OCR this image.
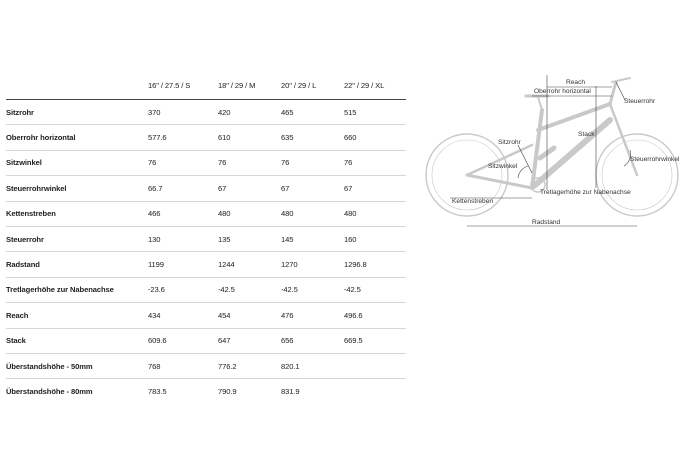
	16" / 27.5 / S	18" / 29 / M	20" / 29 / L	22" / 29 / XL
Sitzrohr	370	420	465	515
Oberrohr horizontal	577.6	610	635	660
Sitzwinkel	76	76	76	76
Steuerrohrwinkel	66.7	67	67	67
Kettenstreben	466	480	480	480
Steuerrohr	130	135	145	160
Radstand	1199	1244	1270	1296.8
Tretlagerhöhe zur Nabenachse	-23.6	-42.5	-42.5	-42.5
Reach	434	454	476	496.6
Stack	609.6	647	656	669.5
Überstandshöhe - 50mm	768	776.2	820.1	
Überstandshöhe - 80mm	783.5	790.9	831.9	
Reach
Oberrohr horizontal
Steuerrohr
Sitzrohr
Stack
Steuerrohrwinkel
Sitzwinkel
Tretlagerhöhe zur Nabenachse
Kettenstreben
Radstand
